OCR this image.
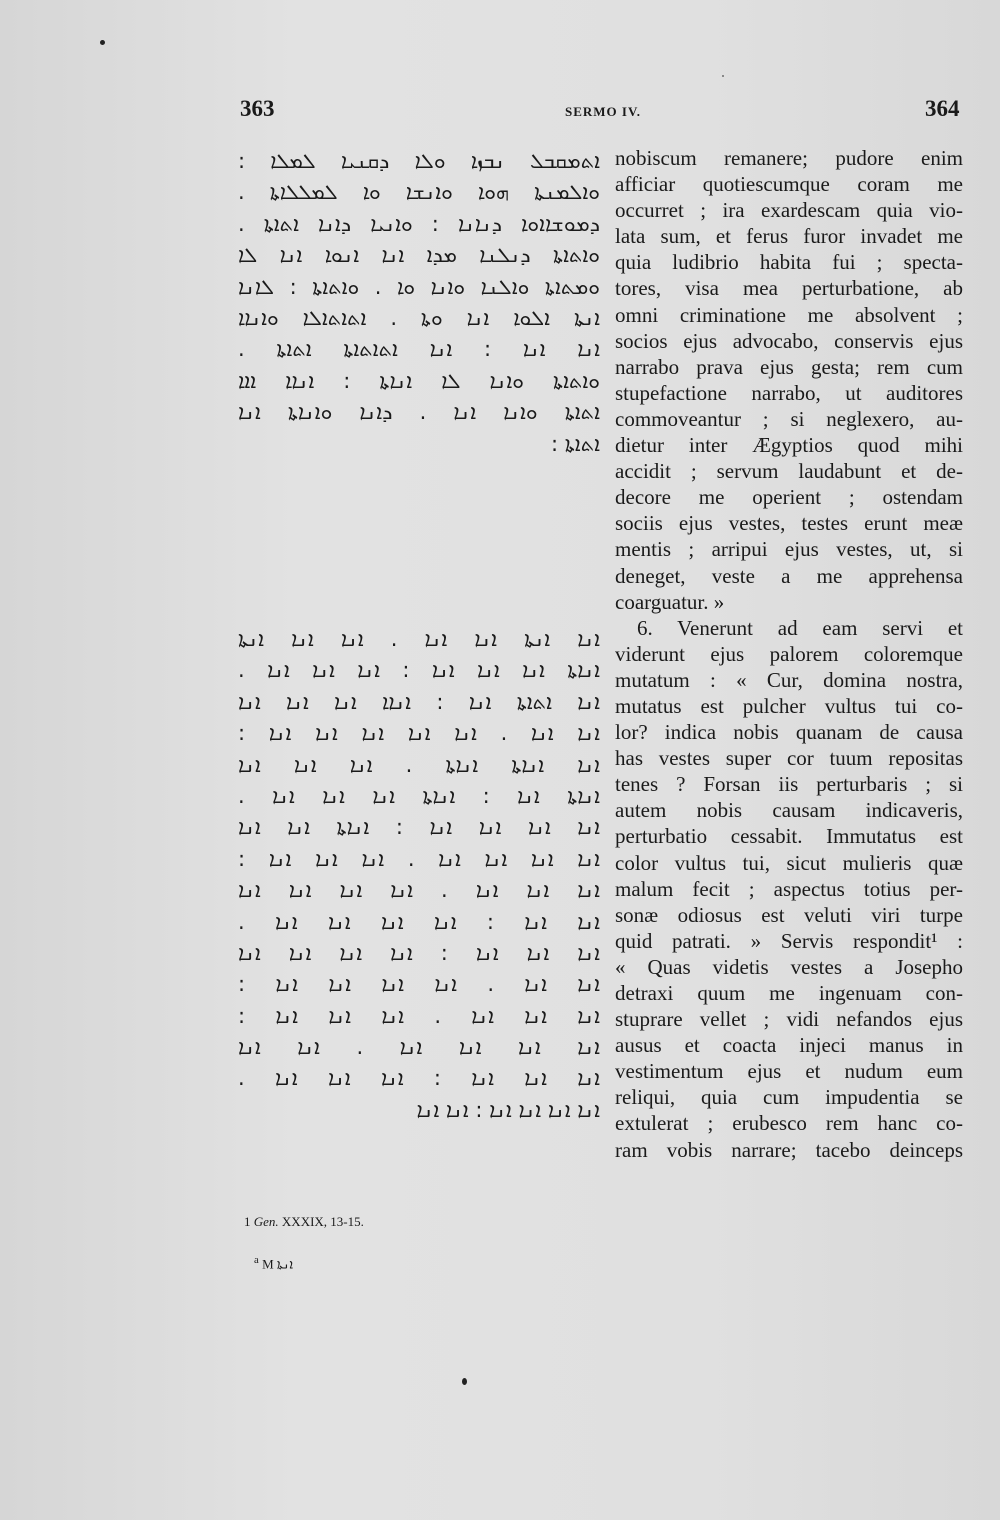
363	SERMO IV.	364
ܐܬܡܩܒܠ ܢܒܙܐ ܘܠܐ ܕܩܢܝܐ ܠܡܠܐ :
ܘܐܠܡܢܬܐ ܗܘܐ ܘܐܢܫܐ ܘܐ ܠܡܠܠܐܬܐ .
ܕܡܘܫܐܐܘܐ ܕܢܐܢܐ : ܘܐܢܝܐ ܕܐܢܐ ܐܬܐܬܐ .
ܘܐܬܐܬܐ ܕܢܠܢܐ ܡܕܐ ܐܢܐ ܐܢܘܐ ܐܢܐ ܠܐ
ܘܡܬܐܬܐ ܘܐܠܢܐ ܘܐܢܐ ܘܐ . ܘܐܬܐܬܐ : ܠܐܢܐ
ܐܢܬܐ ܐܠܘܐ ܐܢܐ ܘܬܐ . ܐܬܐܬܐܠܐ ܘܐܢܐܐ
ܐܢܐ ܐܢܐ : ܐܢܐ ܐܬܐܬܐܬܐ ܐܬܐܬܐ .
ܘܐܬܐܬܐ ܘܐܢܐ ܠܐ ܐܢܐܬܐ : ܐܢܐܐ ܐܐܐ
ܐܬܐܬܐ ܘܐܢܐ ܐܢܐ . ܕܐܢܐ ܘܐܢܐܬܐ ܐܢܐ
ܐܬܐܬܐ :
ܐܢܐ ܐܢܬܐ ܐܢܐ ܐܢܐ . ܐܢܐ ܐܢܐ ܐܢܬܐ
ܐܢܐܬܐ ܐܢܐ ܐܢܐ ܐܢܐ : ܐܢܐ ܐܢܐ ܐܢܐ .
ܐܢܐ ܐܬܐܬܐ ܐܢܐ : ܐܢܐܐ ܐܢܐ ܐܢܐ ܐܢܐ
ܐܢܐ ܐܢܐ . ܐܢܐ ܐܢܐ ܐܢܐ ܐܢܐ ܐܢܐ :
ܐܢܐ ܐܢܐܬܐ ܐܢܐܬܐ . ܐܢܐ ܐܢܐ ܐܢܐ
ܐܢܐܬܐ ܐܢܐ : ܐܢܐܬܐ ܐܢܐ ܐܢܐ ܐܢܐ .
ܐܢܐ ܐܢܐ ܐܢܐ ܐܢܐ : ܐܢܐܬܐ ܐܢܐ ܐܢܐ
ܐܢܐ ܐܢܐ ܐܢܐ ܐܢܐ . ܐܢܐ ܐܢܐ ܐܢܐ :
ܐܢܐ ܐܢܐ ܐܢܐ . ܐܢܐ ܐܢܐ ܐܢܐ ܐܢܐ
ܐܢܐ ܐܢܐ : ܐܢܐ ܐܢܐ ܐܢܐ ܐܢܐ .
ܐܢܐ ܐܢܐ ܐܢܐ : ܐܢܐ ܐܢܐ ܐܢܐ ܐܢܐ
ܐܢܐ ܐܢܐ . ܐܢܐ ܐܢܐ ܐܢܐ ܐܢܐ :
ܐܢܐ ܐܢܐ ܐܢܐ . ܐܢܐ ܐܢܐ ܐܢܐ :
ܐܢܐ ܐܢܐ ܐܢܐ ܐܢܐ . ܐܢܐ ܐܢܐ
ܐܢܐ ܐܢܐ ܐܢܐ : ܐܢܐ ܐܢܐ ܐܢܐ .
ܐܢܐ ܐܢܐ ܐܢܐ ܐܢܐ : ܐܢܐ ܐܢܐ
nobiscum remanere; pudore enim
afficiar quotiescumque coram me
occurret ; ira exardescam quia vio-
lata sum, et ferus furor invadet me
quia ludibrio habita fui ; specta-
tores, visa mea perturbatione, ab
omni criminatione me absolvent ;
socios ejus advocabo, conservis ejus
narrabo prava ejus gesta; rem cum
stupefactione narrabo, ut auditores
commoveantur ; si neglexero, au-
dietur inter Ægyptios quod mihi
accidit ; servum laudabunt et de-
decore me operient ; ostendam
sociis ejus vestes, testes erunt meæ
mentis ; arripui ejus vestes, ut, si
deneget, veste a me apprehensa
coarguatur. »
6. Venerunt ad eam servi et
viderunt ejus palorem coloremque
mutatum : « Cur, domina nostra,
mutatus est pulcher vultus tui co-
lor? indica nobis quanam de causa
has vestes super cor tuum repositas
tenes ? Forsan iis perturbaris ; si
autem nobis causam indicaveris,
perturbatio cessabit. Immutatus est
color vultus tui, sicut mulieris quæ
malum fecit ; aspectus totius per-
sonæ odiosus est veluti viri turpe
quid patrati. » Servis respondit¹ :
« Quas videtis vestes a Josepho
detraxi quum me ingenuam con-
stuprare vellet ; vidi nefandos ejus
ausus et coacta injeci manus in
vestimentum ejus et nudum eum
reliqui, quia cum impudentia se
extulerat ; erubesco rem hanc co-
ram vobis narrare; tacebo deinceps
1 Gen. XXXIX, 13-15.
$^a$ M ܐܢܬܐ
